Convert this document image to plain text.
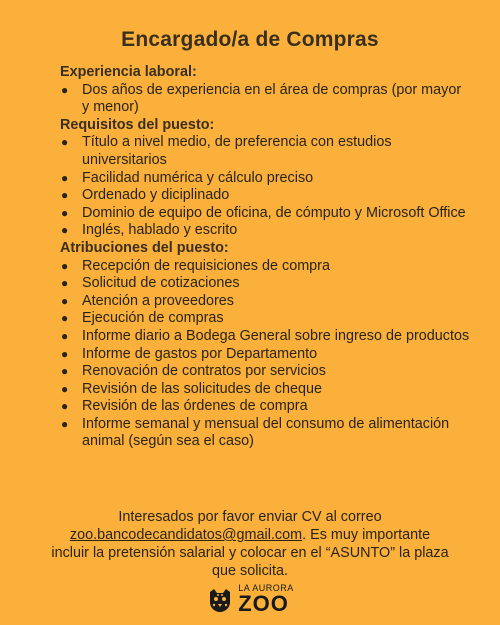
Encargado/a de Compras
Experiencia laboral:
● Dos años de experiencia en el área de compras (por mayor y menor)
Requisitos del puesto:
● Título a nivel medio, de preferencia con estudios universitarios
● Facilidad numérica y cálculo preciso
● Ordenado y diciplinado
● Dominio de equipo de oficina, de cómputo y Microsoft Office
● Inglés, hablado y escrito
Atribuciones del puesto:
● Recepción de requisiciones de compra
● Solicitud de cotizaciones
● Atención a proveedores
● Ejecución de compras
● Informe diario a Bodega General sobre ingreso de productos
● Informe de gastos por Departamento
● Renovación de contratos por servicios
● Revisión de las solicitudes de cheque
● Revisión de las órdenes de compra
● Informe semanal y mensual del consumo de alimentación animal (según sea el caso)
Interesados por favor enviar CV al correo
zoo.bancodecandidatos@gmail.com. Es muy importante incluir la pretensión salarial y colocar en el “ASUNTO” la plaza que solicita.
LA AURORA
ZOO
